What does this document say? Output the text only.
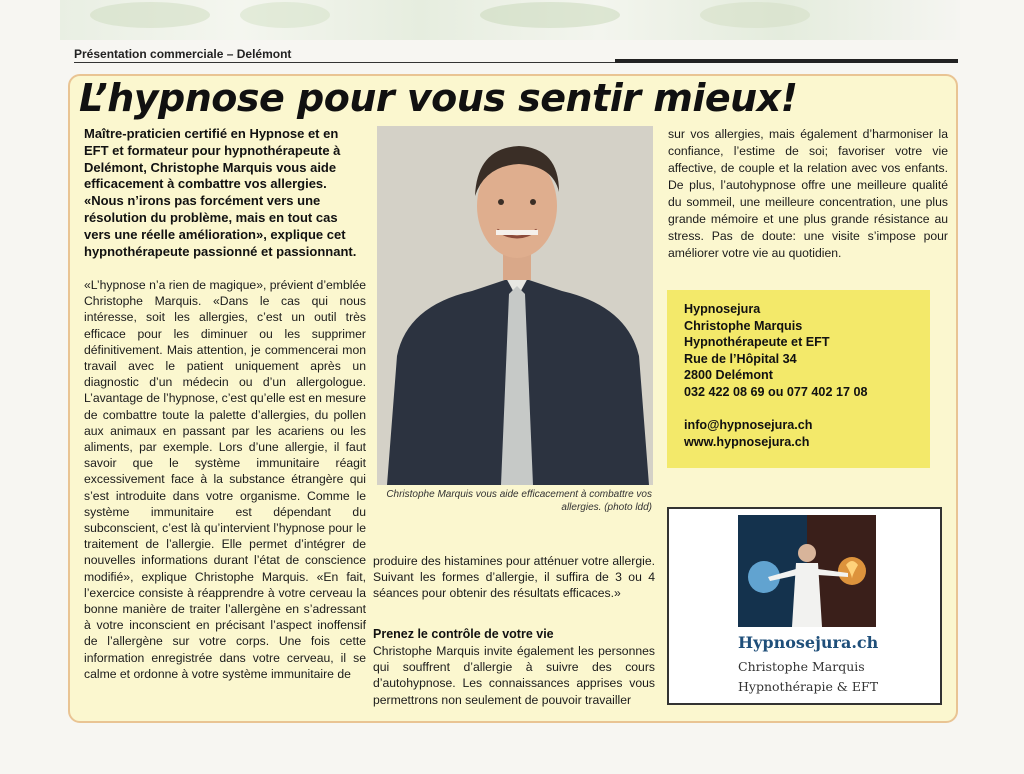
Présentation commerciale – Delémont
L’hypnose pour vous sentir mieux!

Maître-praticien certifié en Hypnose et en EFT et formateur pour hypnothérapeute à Delémont, Christophe Marquis vous aide efficacement à combattre vos allergies. «Nous n’irons pas forcément vers une résolution du problème, mais en tout cas vers une réelle amélioration», explique cet hypnothérapeute passionné et passionnant.

«L’hypnose n’a rien de magique», prévient d’emblée Christophe Marquis. «Dans le cas qui nous intéresse, soit les allergies, c’est un outil très efficace pour les diminuer ou les supprimer définitivement. Mais attention, je commencerai mon travail avec le patient uniquement après un diagnostic d’un médecin ou d’un allergologue. L’avantage de l’hypnose, c’est qu’elle est en mesure de combattre toute la palette d’allergies, du pollen aux animaux en passant par les acariens ou les aliments, par exemple. Lors d’une allergie, il faut savoir que le système immunitaire réagit excessivement face à la substance étrangère qui s’est introduite dans votre organisme. Comme le système immunitaire est dépendant du subconscient, c’est là qu’intervient l’hypnose pour le traitement de l’allergie. Elle permet d’intégrer de nouvelles informations durant l’état de conscience modifié», explique Christophe Marquis. «En fait, l’exercice consiste à réapprendre à votre cerveau la bonne manière de traiter l’allergène en s’adressant à votre inconscient en précisant l’aspect inoffensif de l’allergène sur votre corps. Une fois cette information enregistrée dans votre cerveau, il se calme et ordonne à votre système immunitaire de

Christophe Marquis vous aide efficacement à combattre vos allergies. (photo ldd)

produire des histamines pour atténuer votre allergie. Suivant les formes d’allergie, il suffira de 3 ou 4 séances pour obtenir des résultats efficaces.»

Prenez le contrôle de votre vie

Christophe Marquis invite également les personnes qui souffrent d’allergie à suivre des cours d’autohypnose. Les connaissances apprises vous permettrons non seulement de pouvoir travailler

sur vos allergies, mais également d’harmoniser la confiance, l’estime de soi; favoriser votre vie affective, de couple et la relation avec vos enfants. De plus, l’autohypnose offre une meilleure qualité du sommeil, une meilleure concentration, une plus grande mémoire et une plus grande résistance au stress. Pas de doute: une visite s’impose pour améliorer votre vie au quotidien.

Hypnosejura
Christophe Marquis
Hypnothérapeute et EFT
Rue de l’Hôpital 34
2800 Delémont
032 422 08 69 ou 077 402 17 08
info@hypnosejura.ch
www.hypnosejura.ch
Hypnosejura.ch
Christophe Marquis
Hypnothérapie & EFT
